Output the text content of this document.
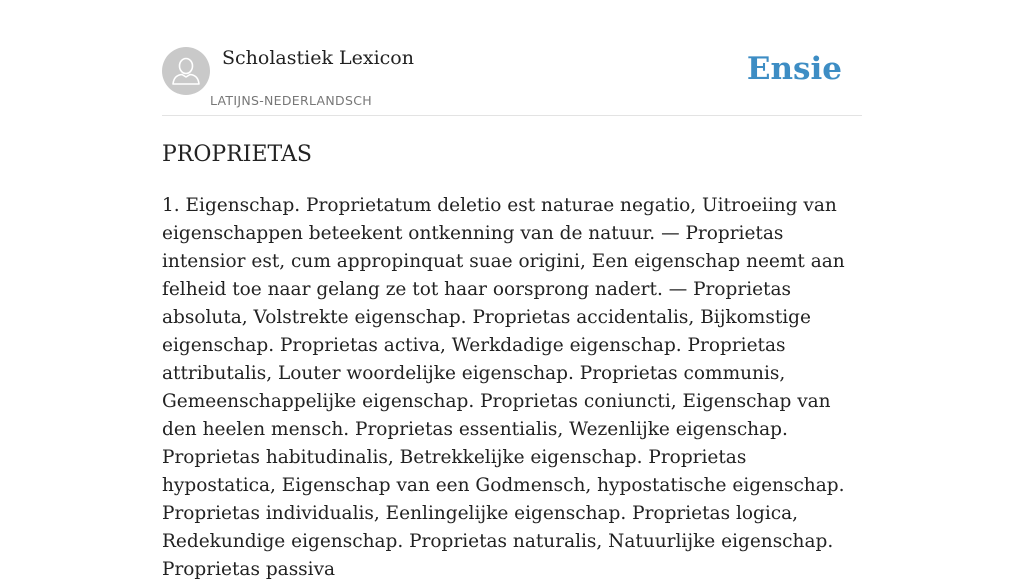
Scholastiek Lexicon
LATIJNS-NEDERLANDSCH
Ensie
PROPRIETAS

1. Eigenschap. Proprietatum deletio est naturae negatio, Uitroeiing van eigenschappen beteekent ontkenning van de natuur. — Proprietas intensior est, cum appropinquat suae origini, Een eigenschap neemt aan felheid toe naar gelang ze tot haar oorsprong nadert. — Proprietas absoluta, Volstrekte eigenschap. Proprietas accidentalis, Bijkomstige eigenschap. Proprietas activa, Werkdadige eigenschap. Proprietas attributalis, Louter woordelijke eigenschap. Proprietas communis, Gemeenschappelijke eigenschap. Proprietas coniuncti, Eigenschap van den heelen mensch. Proprietas essentialis, Wezenlijke eigenschap. Proprietas habitudinalis, Betrekkelijke eigenschap. Proprietas hypostatica, Eigenschap van een Godmensch, hypostatische eigenschap. Proprietas individualis, Eenlingelijke eigenschap. Proprietas logica, Redekundige eigenschap. Proprietas naturalis, Natuurlijke eigenschap. Proprietas passiva
